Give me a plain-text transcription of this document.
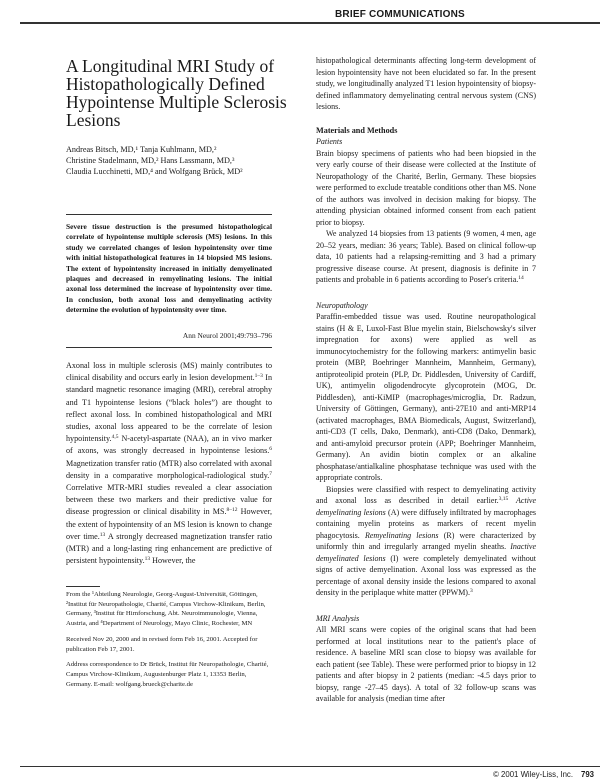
BRIEF COMMUNICATIONS
A Longitudinal MRI Study of Histopathologically Defined Hypointense Multiple Sclerosis Lesions
Andreas Bitsch, MD,¹ Tanja Kuhlmann, MD,²
Christine Stadelmann, MD,² Hans Lassmann, MD,³
Claudia Lucchinetti, MD,⁴ and Wolfgang Brück, MD²
Severe tissue destruction is the presumed histopathological correlate of hypointense multiple sclerosis (MS) lesions. In this study we correlated changes of lesion hypointensity over time with initial histopathological features in 14 biopsied MS lesions. The extent of hypointensity increased in initially demyelinated plaques and decreased in remyelinating lesions. The initial axonal loss determined the increase of hypointensity over time. In conclusion, both axonal loss and demyelinating activity determine the evolution of hypointensity over time.
Ann Neurol 2001;49:793–796

Axonal loss in multiple sclerosis (MS) mainly contributes to clinical disability and occurs early in lesion development.$^{1-3}$ In standard magnetic resonance imaging (MRI), cerebral atrophy and T1 hypointense lesions (“black holes”) are thought to reflect axonal loss. In combined histopathological and MRI studies, axonal loss appeared to be the correlate of lesion hypointensity.$^{4,5}$ N-acetyl-aspartate (NAA), an in vivo marker of axons, was strongly decreased in hypointense lesions.$^6$ Magnetization transfer ratio (MTR) also correlated with axonal density in a comparative morphological-radiological study.$^7$ Correlative MTR-MRI studies revealed a clear association between these two markers and their predictive value for disease progression or clinical disability in MS.$^{8-12}$ However, the extent of hypointensity of an MS lesion is known to change over time.$^{13}$ A strongly decreased magnetization transfer ratio (MTR) and a long-lasting ring enhancement are predictive of persistent hypointensity.$^{13}$ However, the

From the ¹Abteilung Neurologie, Georg-August-Universität, Göttingen, ²Institut für Neuropathologie, Charité, Campus Virchow-Klinikum, Berlin, Germany, ³Institut für Hirnforschung, Abt. Neuroimmunologie, Vienna, Austria, and ⁴Department of Neurology, Mayo Clinic, Rochester, MN

Received Nov 20, 2000 and in revised form Feb 16, 2001. Accepted for publication Feb 17, 2001.

Address correspondence to Dr Brück, Institut für Neuropathologie, Charité, Campus Virchow-Klinikum, Augustenburger Platz 1, 13353 Berlin, Germany. E-mail: wolfgang.brueck@charite.de

histopathological determinants affecting long-term development of lesion hypointensity have not been elucidated so far. In the present study, we longitudinally analyzed T1 lesion hypointensity of biopsy-defined inflammatory demyelinating central nervous system (CNS) lesions.

Materials and Methods

Patients

Brain biopsy specimens of patients who had been biopsied in the very early course of their disease were collected at the Institute of Neuropathology of the Charité, Berlin, Germany. These biopsies were performed to exclude treatable conditions other than MS. None of the authors was involved in decision making for biopsy. The attending physician obtained informed consent from each patient prior to biopsy.

We analyzed 14 biopsies from 13 patients (9 women, 4 men, age 20–52 years, median: 36 years; Table). Based on clinical follow-up data, 10 patients had a relapsing-remitting and 3 had a primary progressive disease course. At present, diagnosis is definite in 7 patients and probable in 6 patients according to Poser's criteria.$^{14}$

Neuropathology

Paraffin-embedded tissue was used. Routine neuropathological stains (H & E, Luxol-Fast Blue myelin stain, Bielschowsky's silver impregnation for axons) were applied as well as immunocytochemistry for the following markers: antimyelin basic protein (MBP, Boehringer Mannheim, Mannheim, Germany), antiproteolipid protein (PLP, Dr. Piddlesden, University of Cardiff, UK), antimyelin oligodendrocyte glycoprotein (MOG, Dr. Piddlesden), anti-KiMIP (macrophages/microglia, Dr. Radzun, University of Göttingen, Germany), anti-27E10 and anti-MRP14 (activated macrophages, BMA Biomedicals, August, Switzerland), anti-CD3 (T cells, Dako, Denmark), anti-CD8 (Dako, Denmark), and anti-amyloid precursor protein (APP; Boehringer Mannheim, Germany). An avidin biotin complex or an alkaline phosphatase/antialkaline phosphatase technique was used with the appropriate controls.

Biopsies were classified with respect to demyelinating activity and axonal loss as described in detail earlier.$^{3,15}$ Active demyelinating lesions (A) were diffusely infiltrated by macrophages containing myelin proteins as markers of recent myelin phagocytosis. Remyelinating lesions (R) were characterized by uniformly thin and irregularly arranged myelin sheaths. Inactive demyelinated lesions (I) were completely demyelinated without signs of active demyelination. Axonal loss was expressed as the percentage of axonal density inside the lesions compared to axonal density in the periplaque white matter (PPWM).$^3$

MRI Analysis

All MRI scans were copies of the original scans that had been performed at local institutions near to the patient's place of residence. A baseline MRI scan close to biopsy was available for each patient (see Table). These were performed prior to biopsy in 12 patients and after biopsy in 2 patients (median: -4.5 days prior to biopsy, range -27–45 days). A total of 32 follow-up scans was available for analysis (median time after

© 2001 Wiley-Liss, Inc. 793
